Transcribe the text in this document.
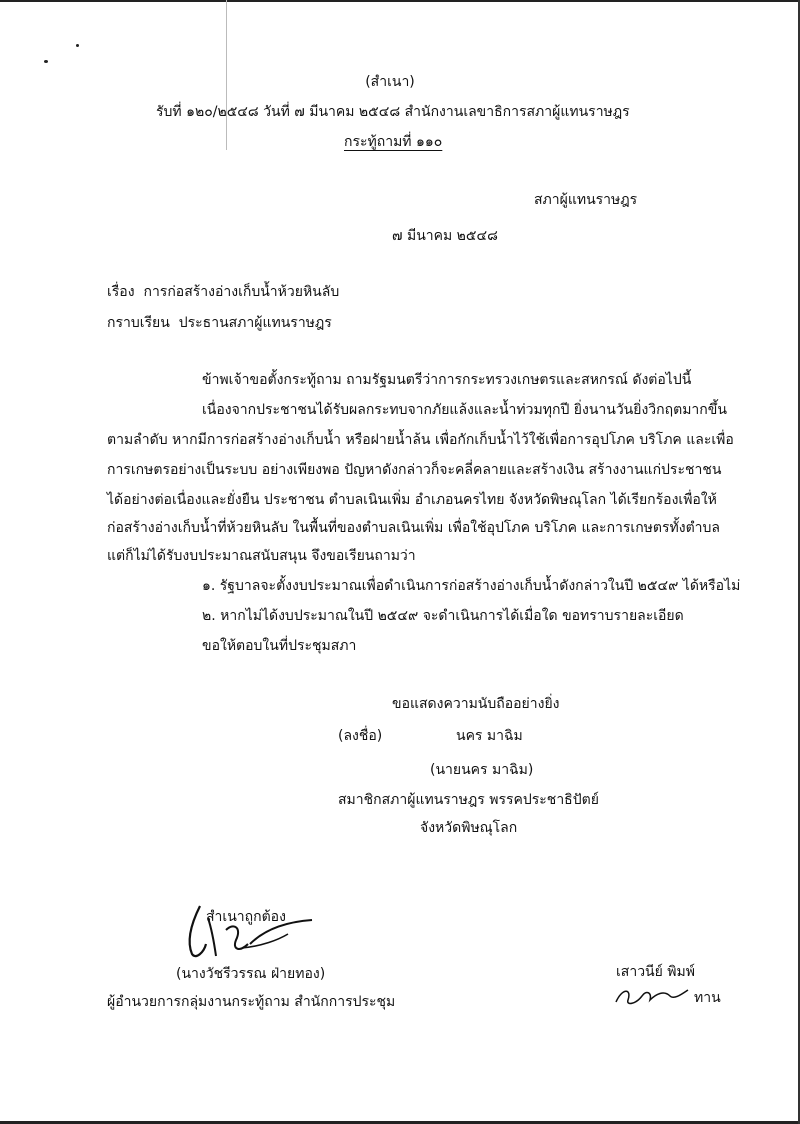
(สำเนา)
รับที่ ๑๒๐/๒๕๔๘ วันที่ ๗ มีนาคม ๒๕๔๘ สำนักงานเลขาธิการสภาผู้แทนราษฎร
กระทู้ถามที่ ๑๑๐
สภาผู้แทนราษฎร
๗ มีนาคม ๒๕๔๘
เรื่อง การก่อสร้างอ่างเก็บน้ำห้วยหินลับ
กราบเรียน ประธานสภาผู้แทนราษฎร
ข้าพเจ้าขอตั้งกระทู้ถาม ถามรัฐมนตรีว่าการกระทรวงเกษตรและสหกรณ์ ดังต่อไปนี้
เนื่องจากประชาชนได้รับผลกระทบจากภัยแล้งและน้ำท่วมทุกปี ยิ่งนานวันยิ่งวิกฤตมากขึ้น
ตามลำดับ หากมีการก่อสร้างอ่างเก็บน้ำ หรือฝายน้ำล้น เพื่อกักเก็บน้ำไว้ใช้เพื่อการอุปโภค บริโภค และเพื่อ
การเกษตรอย่างเป็นระบบ อย่างเพียงพอ ปัญหาดังกล่าวก็จะคลี่คลายและสร้างเงิน สร้างงานแก่ประชาชน
ได้อย่างต่อเนื่องและยั่งยืน ประชาชน ตำบลเนินเพิ่ม อำเภอนครไทย จังหวัดพิษณุโลก ได้เรียกร้องเพื่อให้
ก่อสร้างอ่างเก็บน้ำที่ห้วยหินลับ ในพื้นที่ของตำบลเนินเพิ่ม เพื่อใช้อุปโภค บริโภค และการเกษตรทั้งตำบล
แต่ก็ไม่ได้รับงบประมาณสนับสนุน จึงขอเรียนถามว่า
๑. รัฐบาลจะตั้งงบประมาณเพื่อดำเนินการก่อสร้างอ่างเก็บน้ำดังกล่าวในปี ๒๕๔๙ ได้หรือไม่
๒. หากไม่ได้งบประมาณในปี ๒๕๔๙ จะดำเนินการได้เมื่อใด ขอทราบรายละเอียด
ขอให้ตอบในที่ประชุมสภา
ขอแสดงความนับถืออย่างยิ่ง
(ลงชื่อ)	นคร มาฉิม
(นายนคร มาฉิม)
สมาชิกสภาผู้แทนราษฎร พรรคประชาธิปัตย์
จังหวัดพิษณุโลก
สำเนาถูกต้อง
(นางวัชรีวรรณ ฝ่ายทอง)
ผู้อำนวยการกลุ่มงานกระทู้ถาม สำนักการประชุม
เสาวนีย์ พิมพ์
ทาน
